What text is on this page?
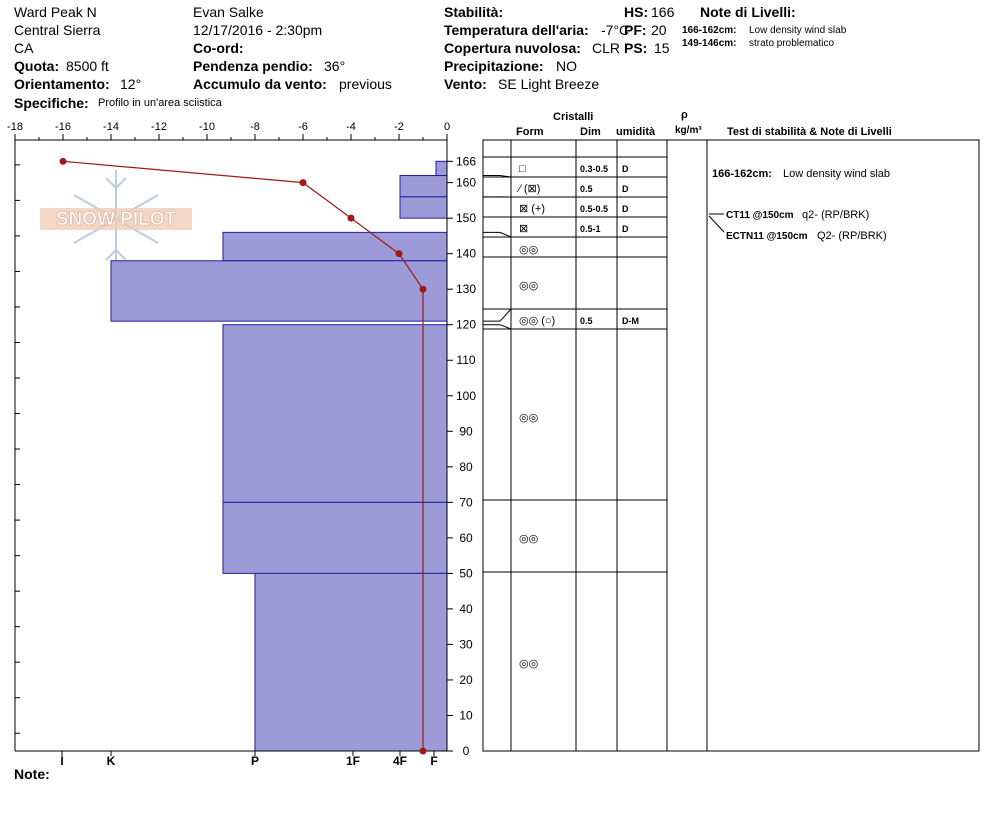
Ward Peak N
Central Sierra
CA
Quota: 8500 ft
Orientamento: 12°
Specifiche: Profilo in un'area sciistica
Evan Salke
12/17/2016 - 2:30pm
Co-ord:
Pendenza pendio: 36°
Accumulo da vento: previous
Stabilità:
Temperatura dell'aria: -7°C
Copertura nuvolosa: CLR
Precipitazione: NO
Vento: SE Light Breeze
HS: 166
PF: 20
PS: 15
Note di Livelli:
166-162cm: Low density wind slab
149-146cm: strato problematico
Cristalli
Form	Dim umidità
ρ
kg/m³ Test di stabilità & Note di Livelli
Note:
SNOW PILOT
-18	-16	-14	-12	-10	-8	-6	-4	-2	0
0
10
20
30
40
50
60
70
80
90
100
110
120
130
140
150
160
166
I	K	P	1F	4F F
□	0.3-0.5 D
⁄ (⊠)	0.5	D
⊠ (+)	0.5-0.5 D
⊠	0.5-1 D
◎◎
◎◎
◎◎ (○)	0.5	D-M
◎◎
◎◎
◎◎
166-162cm: Low density wind slab
CT11 @150cm q2- (RP/BRK)
ECTN11 @150cm Q2- (RP/BRK)
